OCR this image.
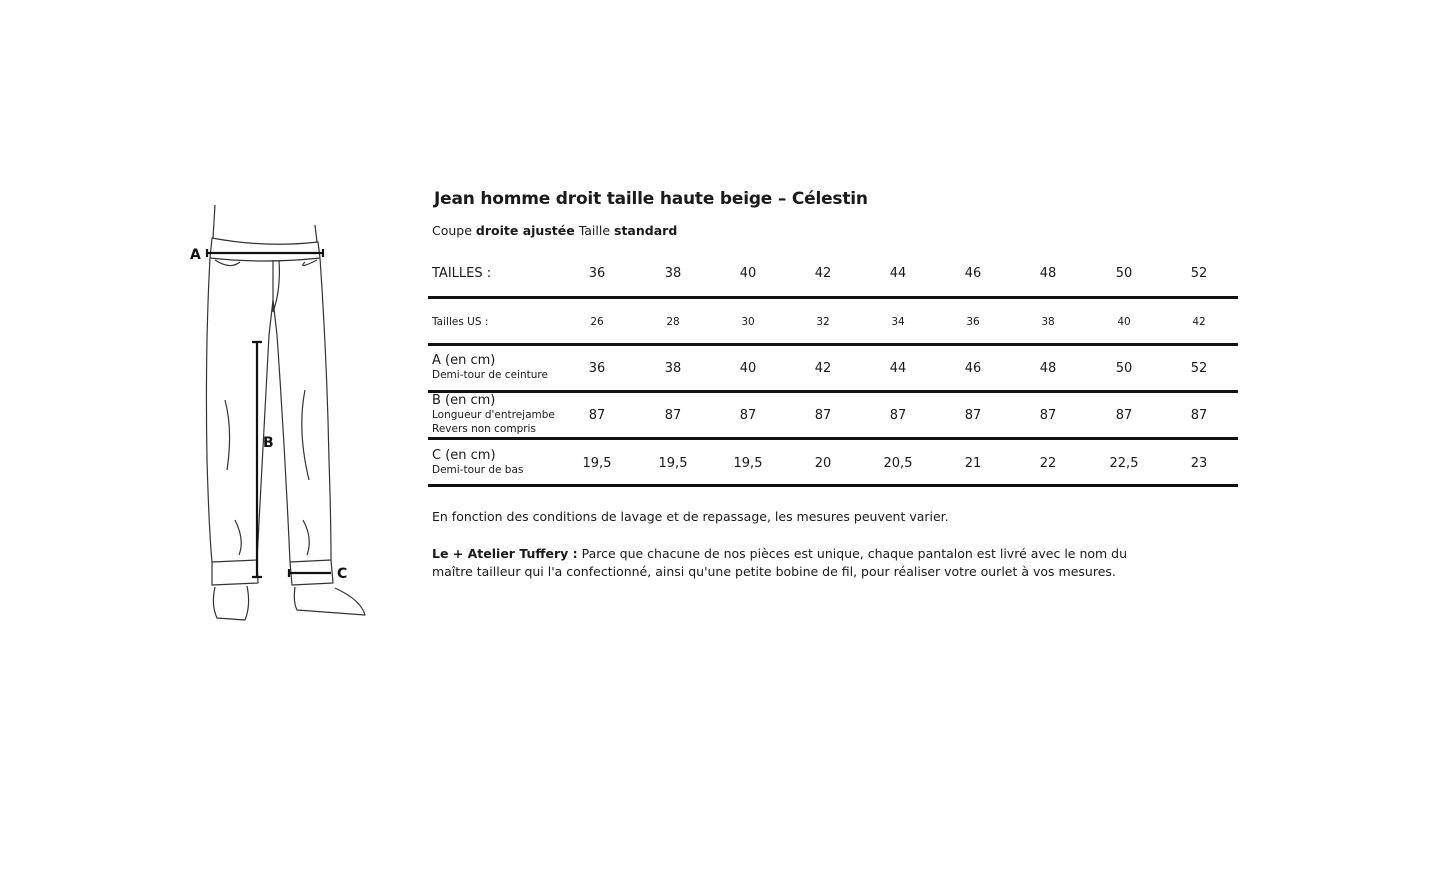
A
B
C
Jean homme droit taille haute beige – Célestin
Coupe droite ajustée Taille standard
TAILLES :	36	38	40	42	44	46	48	50	52
Tailles US :	26	28	30	32	34	36	38	40	42
A (en cm)
Demi-tour de ceinture	36	38	40	42	44	46	48	50	52
B (en cm)
Longueur d'entrejambe
Revers non compris
87	87	87	87	87	87	87	87	87
C (en cm)
Demi-tour de bas	19,5	19,5	19,5	20	20,5	21	22	22,5	23
En fonction des conditions de lavage et de repassage, les mesures peuvent varier.
Le + Atelier Tuffery : Parce que chacune de nos pièces est unique, chaque pantalon est livré avec le nom du maître tailleur qui l'a confectionné, ainsi qu'une petite bobine de fil, pour réaliser votre ourlet à vos mesures.
